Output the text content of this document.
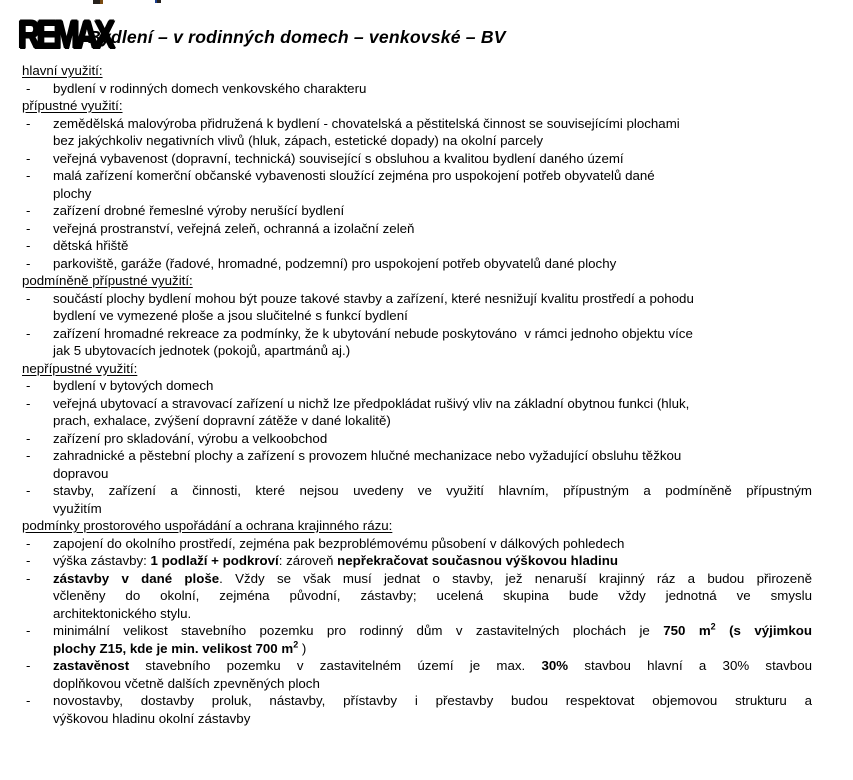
Bydlení – v rodinných domech – venkovské – BV
REMAX
hlavní využití:
- bydlení v rodinných domech venkovského charakteru
přípustné využití:
- zemědělská malovýroba přidružená k bydlení - chovatelská a pěstitelská činnost se souvisejícími plochami
bez jakýchkoliv negativních vlivů (hluk, zápach, estetické dopady) na okolní parcely
- veřejná vybavenost (dopravní, technická) související s obsluhou a kvalitou bydlení daného území
- malá zařízení komerční občanské vybavenosti sloužící zejména pro uspokojení potřeb obyvatelů dané
plochy
- zařízení drobné řemeslné výroby nerušící bydlení
- veřejná prostranství, veřejná zeleň, ochranná a izolační zeleň
- dětská hřiště
- parkoviště, garáže (řadové, hromadné, podzemní) pro uspokojení potřeb obyvatelů dané plochy
podmíněně přípustné využití:
- součástí plochy bydlení mohou být pouze takové stavby a zařízení, které nesnižují kvalitu prostředí a pohodu
bydlení ve vymezené ploše a jsou slučitelné s funkcí bydlení
- zařízení hromadné rekreace za podmínky, že k ubytování nebude poskytováno  v rámci jednoho objektu více
jak 5 ubytovacích jednotek (pokojů, apartmánů aj.)
nepřípustné využití:
- bydlení v bytových domech
- veřejná ubytovací a stravovací zařízení u nichž lze předpokládat rušivý vliv na základní obytnou funkci (hluk,
prach, exhalace, zvýšení dopravní zátěže v dané lokalitě)
- zařízení pro skladování, výrobu a velkoobchod
- zahradnické a pěstební plochy a zařízení s provozem hlučné mechanizace nebo vyžadující obsluhu těžkou
dopravou
- stavby, zařízení a činnosti, které nejsou uvedeny ve využití hlavním, přípustným a podmíněně přípustným
využitím
podmínky prostorového uspořádání a ochrana krajinného rázu:
- zapojení do okolního prostředí, zejména pak bezproblémovému působení v dálkových pohledech
- výška zástavby: 1 podlaží + podkroví: zároveň nepřekračovat současnou výškovou hladinu
- zástavby v dané ploše. Vždy se však musí jednat o stavby, jež nenaruší krajinný ráz a budou přirozeně
včleněny do okolní, zejména původní, zástavby; ucelená skupina bude vždy jednotná ve smyslu
architektonického stylu.
- minimální velikost stavebního pozemku pro rodinný dům v zastavitelných plochách je 750 $m^2$ (s výjimkou
plochy Z15, kde je min. velikost 700 $m^2$ )
- zastavěnost stavebního pozemku v zastavitelném území je max. 30% stavbou hlavní a 30% stavbou
doplňkovou včetně dalších zpevněných ploch
- novostavby, dostavby proluk, nástavby, přístavby i přestavby budou respektovat objemovou strukturu a
výškovou hladinu okolní zástavby
